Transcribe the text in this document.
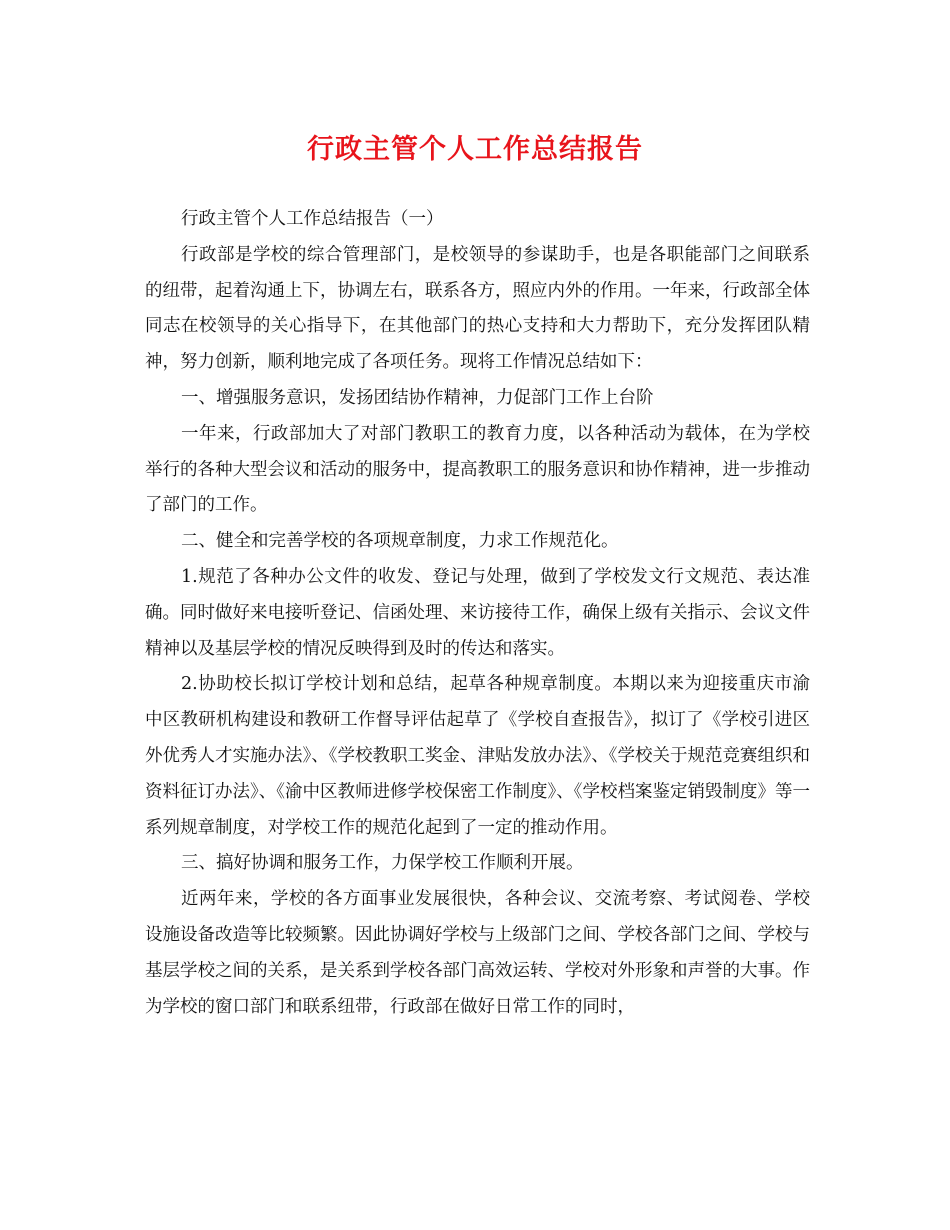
行政主管个人工作总结报告

行政主管个人工作总结报告（一）

行政部是学校的综合管理部门，是校领导的参谋助手，也是各职能部门之间联系的纽带，起着沟通上下，协调左右，联系各方，照应内外的作用。一年来，行政部全体同志在校领导的关心指导下，在其他部门的热心支持和大力帮助下，充分发挥团队精神，努力创新，顺利地完成了各项任务。现将工作情况总结如下：

一、增强服务意识，发扬团结协作精神，力促部门工作上台阶

一年来，行政部加大了对部门教职工的教育力度，以各种活动为载体，在为学校举行的各种大型会议和活动的服务中，提高教职工的服务意识和协作精神，进一步推动了部门的工作。

二、健全和完善学校的各项规章制度，力求工作规范化。

1.规范了各种办公文件的收发、登记与处理，做到了学校发文行文规范、表达准确。同时做好来电接听登记、信函处理、来访接待工作，确保上级有关指示、会议文件精神以及基层学校的情况反映得到及时的传达和落实。

2.协助校长拟订学校计划和总结，起草各种规章制度。本期以来为迎接重庆市渝中区教研机构建设和教研工作督导评估起草了《学校自查报告》，拟订了《学校引进区外优秀人才实施办法》、《学校教职工奖金、津贴发放办法》、《学校关于规范竞赛组织和资料征订办法》、《渝中区教师进修学校保密工作制度》、《学校档案鉴定销毁制度》等一系列规章制度，对学校工作的规范化起到了一定的推动作用。

三、搞好协调和服务工作，力保学校工作顺利开展。

近两年来，学校的各方面事业发展很快，各种会议、交流考察、考试阅卷、学校设施设备改造等比较频繁。因此协调好学校与上级部门之间、学校各部门之间、学校与基层学校之间的关系，是关系到学校各部门高效运转、学校对外形象和声誉的大事。作为学校的窗口部门和联系纽带，行政部在做好日常工作的同时，
